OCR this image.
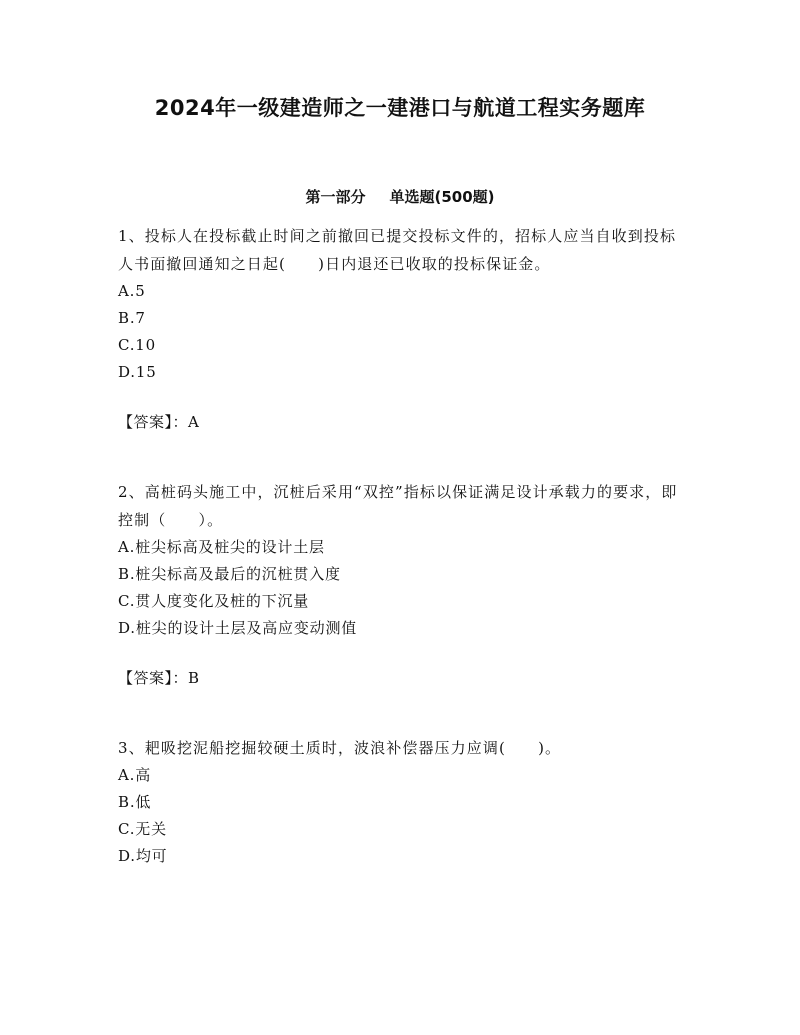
2024年一级建造师之一建港口与航道工程实务题库
第一部分 单选题(500题)

1、投标人在投标截止时间之前撤回已提交投标文件的，招标人应当自收到投标人书面撤回通知之日起(　　)日内退还已收取的投标保证金。

A.5
B.7
C.10
D.15
【答案】：A

2、高桩码头施工中，沉桩后采用“双控”指标以保证满足设计承载力的要求，即控制（　　）。

A.桩尖标高及桩尖的设计土层
B.桩尖标高及最后的沉桩贯入度
C.贯人度变化及桩的下沉量
D.桩尖的设计土层及高应变动测值
【答案】：B

3、耙吸挖泥船挖掘较硬土质时，波浪补偿器压力应调(　　)。

A.高
B.低
C.无关
D.均可
